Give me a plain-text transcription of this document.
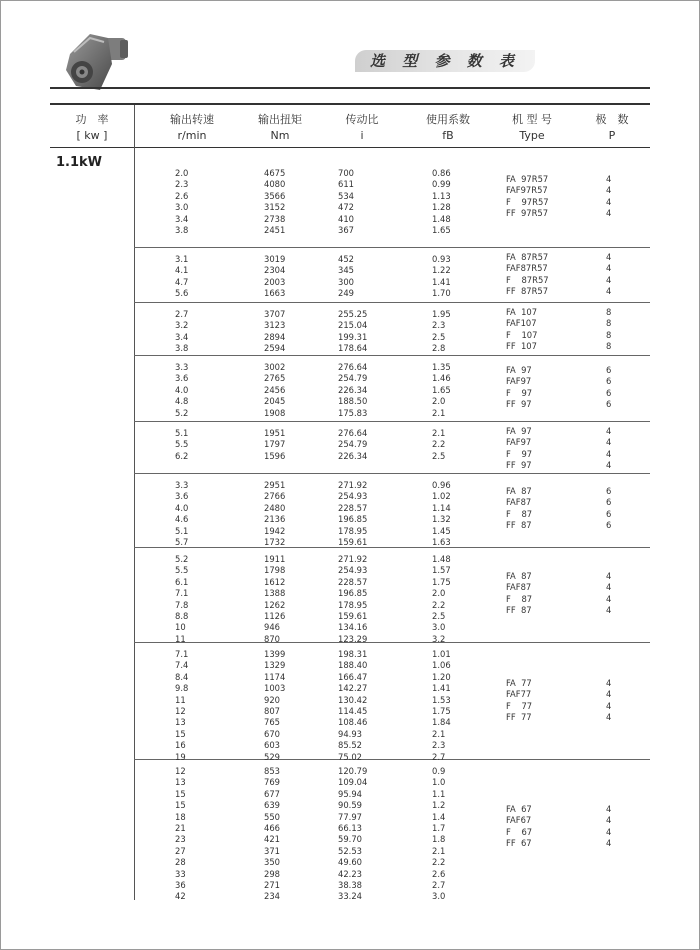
选 型 参 数 表
功　率
[ kw ]
输出转速
r/min
输出扭矩
Nm
传动比
i
使用系数
fB
机 型 号
Type
极　数
P
1.1kW
2.0
2.3
2.6
3.0
3.4
3.8
4675
4080
3566
3152
2738
2451
700
611
534
472
410
367
0.86
0.99
1.13
1.28
1.48
1.65
FA  97R57
FAF97R57
F    97R57
FF  97R57
4
4
4
4
3.1
4.1
4.7
5.6
3019
2304
2003
1663
452
345
300
249
0.93
1.22
1.41
1.70
FA  87R57
FAF87R57
F    87R57
FF  87R57
4
4
4
4
2.7
3.2
3.4
3.8
3707
3123
2894
2594
255.25
215.04
199.31
178.64
1.95
2.3
2.5
2.8
FA  107
FAF107
F    107
FF  107
8
8
8
8
3.3
3.6
4.0
4.8
5.2
3002
2765
2456
2045
1908
276.64
254.79
226.34
188.50
175.83
1.35
1.46
1.65
2.0
2.1
FA  97
FAF97
F    97
FF  97
6
6
6
6
5.1
5.5
6.2
1951
1797
1596
276.64
254.79
226.34
2.1
2.2
2.5
FA  97
FAF97
F    97
FF  97
4
4
4
4
3.3
3.6
4.0
4.6
5.1
5.7
2951
2766
2480
2136
1942
1732
271.92
254.93
228.57
196.85
178.95
159.61
0.96
1.02
1.14
1.32
1.45
1.63
FA  87
FAF87
F    87
FF  87
6
6
6
6
5.2
5.5
6.1
7.1
7.8
8.8
10
11
1911
1798
1612
1388
1262
1126
946
870
271.92
254.93
228.57
196.85
178.95
159.61
134.16
123.29
1.48
1.57
1.75
2.0
2.2
2.5
3.0
3.2
FA  87
FAF87
F    87
FF  87
4
4
4
4
7.1
7.4
8.4
9.8
11
12
13
15
16
19
1399
1329
1174
1003
920
807
765
670
603
529
198.31
188.40
166.47
142.27
130.42
114.45
108.46
94.93
85.52
75.02
1.01
1.06
1.20
1.41
1.53
1.75
1.84
2.1
2.3
2.7
FA  77
FAF77
F    77
FF  77
4
4
4
4
12
13
15
15
18
21
23
27
28
33
36
42
853
769
677
639
550
466
421
371
350
298
271
234
120.79
109.04
95.94
90.59
77.97
66.13
59.70
52.53
49.60
42.23
38.38
33.24
0.9
1.0
1.1
1.2
1.4
1.7
1.8
2.1
2.2
2.6
2.7
3.0
FA  67
FAF67
F    67
FF  67
4
4
4
4
